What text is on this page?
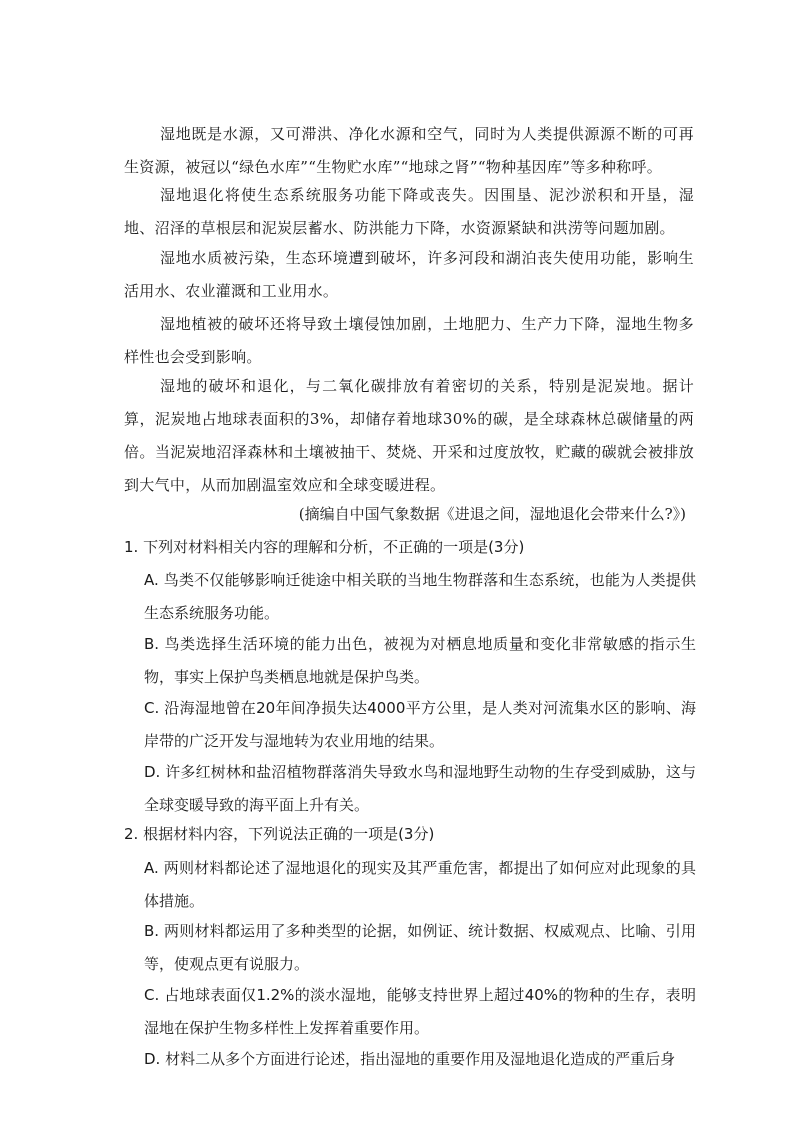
湿地既是水源，又可滞洪、净化水源和空气，同时为人类提供源源不断的可再生资源，被冠以“绿色水库”“生物贮水库”“地球之肾”“物种基因库”等多种称呼。

湿地退化将使生态系统服务功能下降或丧失。因围垦、泥沙淤积和开垦，湿地、沼泽的草根层和泥炭层蓄水、防洪能力下降，水资源紧缺和洪涝等问题加剧。

湿地水质被污染，生态环境遭到破坏，许多河段和湖泊丧失使用功能，影响生活用水、农业灌溉和工业用水。

湿地植被的破坏还将导致土壤侵蚀加剧，土地肥力、生产力下降，湿地生物多样性也会受到影响。

湿地的破坏和退化，与二氧化碳排放有着密切的关系，特别是泥炭地。据计算，泥炭地占地球表面积的3%，却储存着地球30%的碳，是全球森林总碳储量的两倍。当泥炭地沼泽森林和土壤被抽干、焚烧、开采和过度放牧，贮藏的碳就会被排放到大气中，从而加剧温室效应和全球变暖进程。

(摘编自中国气象数据《进退之间，湿地退化会带来什么?》)

1. 下列对材料相关内容的理解和分析，不正确的一项是(3分)

A. 鸟类不仅能够影响迁徙途中相关联的当地生物群落和生态系统，也能为人类提供生态系统服务功能。

B. 鸟类选择生活环境的能力出色，被视为对栖息地质量和变化非常敏感的指示生物，事实上保护鸟类栖息地就是保护鸟类。

C. 沿海湿地曾在20年间净损失达4000平方公里，是人类对河流集水区的影响、海岸带的广泛开发与湿地转为农业用地的结果。

D. 许多红树林和盐沼植物群落消失导致水鸟和湿地野生动物的生存受到威胁，这与全球变暖导致的海平面上升有关。

2. 根据材料内容，下列说法正确的一项是(3分)

A. 两则材料都论述了湿地退化的现实及其严重危害，都提出了如何应对此现象的具体措施。

B. 两则材料都运用了多种类型的论据，如例证、统计数据、权威观点、比喻、引用等，使观点更有说服力。

C. 占地球表面仅1.2%的淡水湿地，能够支持世界上超过40%的物种的生存，表明湿地在保护生物多样性上发挥着重要作用。

D. 材料二从多个方面进行论述，指出湿地的重要作用及湿地退化造成的严重后身
